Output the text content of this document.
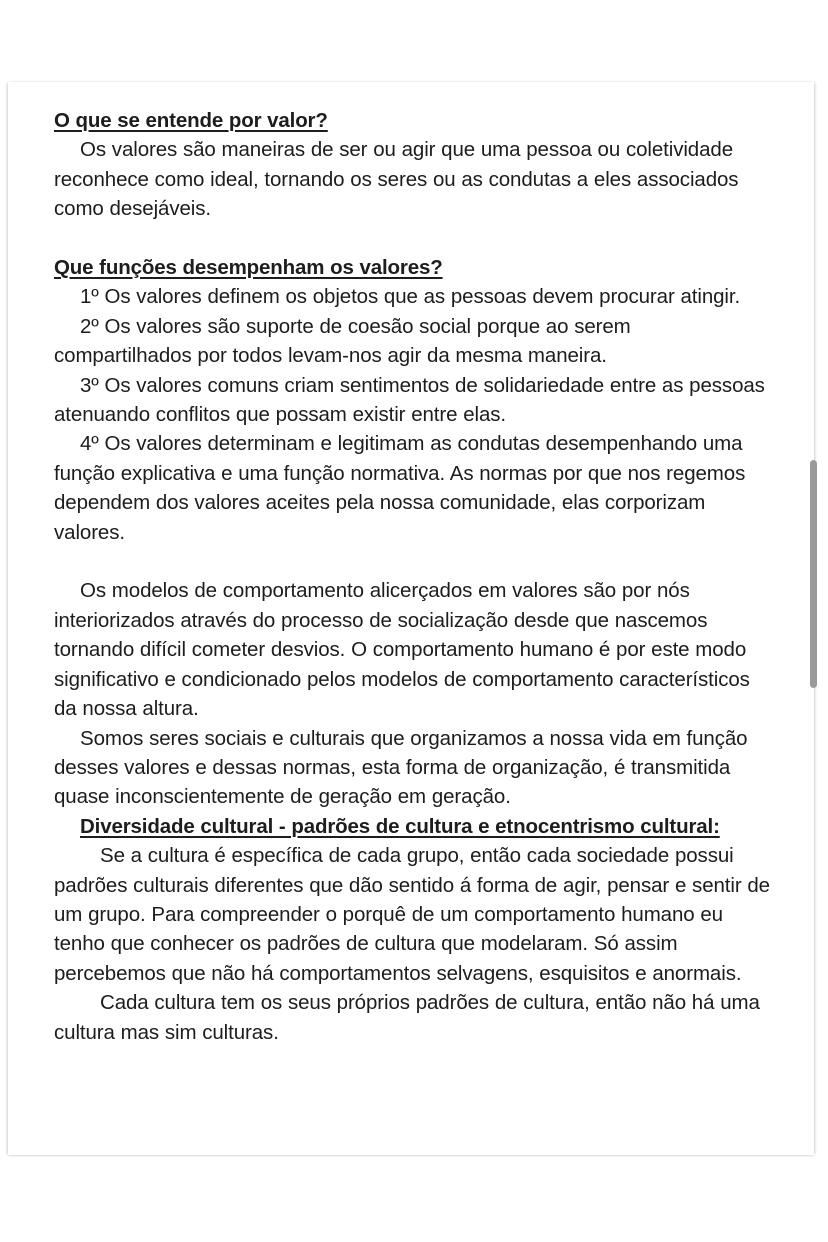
O que se entende por valor?

Os valores são maneiras de ser ou agir que uma pessoa ou coletividade reconhece como ideal, tornando os seres ou as condutas a eles associados como desejáveis.

Que funções desempenham os valores?

1º Os valores definem os objetos que as pessoas devem procurar atingir.

2º Os valores são suporte de coesão social porque ao serem compartilhados por todos levam-nos agir da mesma maneira.

3º Os valores comuns criam sentimentos de solidariedade entre as pessoas atenuando conflitos que possam existir entre elas.

4º Os valores determinam e legitimam as condutas desempenhando uma função explicativa e uma função normativa. As normas por que nos regemos dependem dos valores aceites pela nossa comunidade, elas corporizam valores.

Os modelos de comportamento alicerçados em valores são por nós interiorizados através do processo de socialização desde que nascemos tornando difícil cometer desvios. O comportamento humano é por este modo significativo e condicionado pelos modelos de comportamento característicos da nossa altura.

Somos seres sociais e culturais que organizamos a nossa vida em função desses valores e dessas normas, esta forma de organização, é transmitida quase inconscientemente de geração em geração.

Diversidade cultural - padrões de cultura e etnocentrismo cultural:

Se a cultura é específica de cada grupo, então cada sociedade possui padrões culturais diferentes que dão sentido á forma de agir, pensar e sentir de um grupo. Para compreender o porquê de um comportamento humano eu tenho que conhecer os padrões de cultura que modelaram. Só assim percebemos que não há comportamentos selvagens, esquisitos e anormais.

Cada cultura tem os seus próprios padrões de cultura, então não há uma cultura mas sim culturas.
